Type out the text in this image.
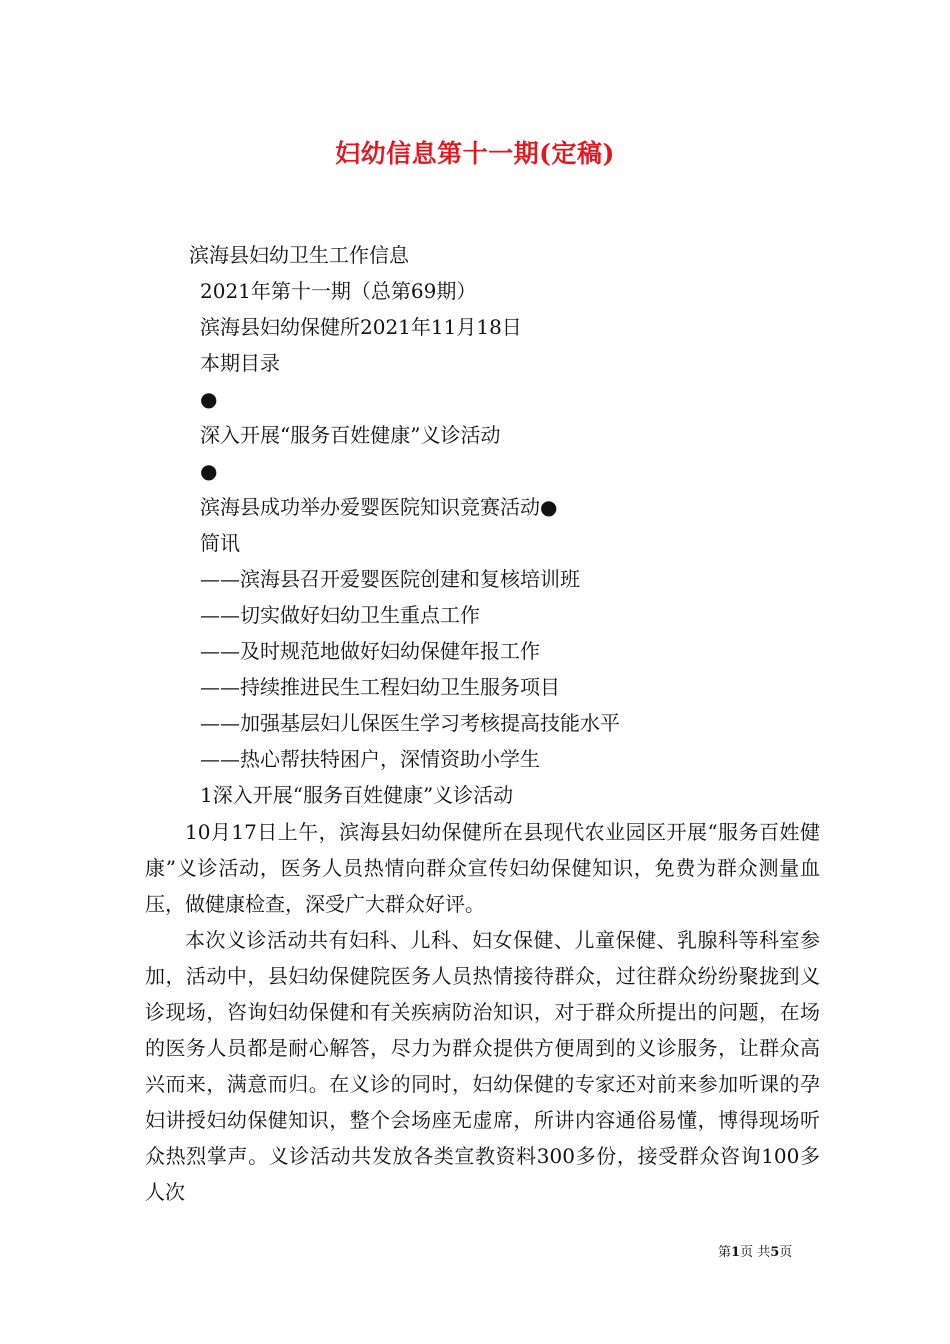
妇幼信息第十一期(定稿)
滨海县妇幼卫生工作信息
2021年第十一期（总第69期）
滨海县妇幼保健所2021年11月18日
本期目录
●
深入开展“服务百姓健康”义诊活动
●
滨海县成功举办爱婴医院知识竞赛活动●
简讯
——滨海县召开爱婴医院创建和复核培训班
——切实做好妇幼卫生重点工作
——及时规范地做好妇幼保健年报工作
——持续推进民生工程妇幼卫生服务项目
——加强基层妇儿保医生学习考核提高技能水平
——热心帮扶特困户，深情资助小学生
1深入开展“服务百姓健康”义诊活动

10月17日上午，滨海县妇幼保健所在县现代农业园区开展“服务百姓健康”义诊活动，医务人员热情向群众宣传妇幼保健知识，免费为群众测量血压，做健康检查，深受广大群众好评。

本次义诊活动共有妇科、儿科、妇女保健、儿童保健、乳腺科等科室参加，活动中，县妇幼保健院医务人员热情接待群众，过往群众纷纷聚拢到义诊现场，咨询妇幼保健和有关疾病防治知识，对于群众所提出的问题，在场的医务人员都是耐心解答，尽力为群众提供方便周到的义诊服务，让群众高兴而来，满意而归。在义诊的同时，妇幼保健的专家还对前来参加听课的孕妇讲授妇幼保健知识，整个会场座无虚席，所讲内容通俗易懂，博得现场听众热烈掌声。义诊活动共发放各类宣教资料300多份，接受群众咨询100多人次

第1页 共5页
